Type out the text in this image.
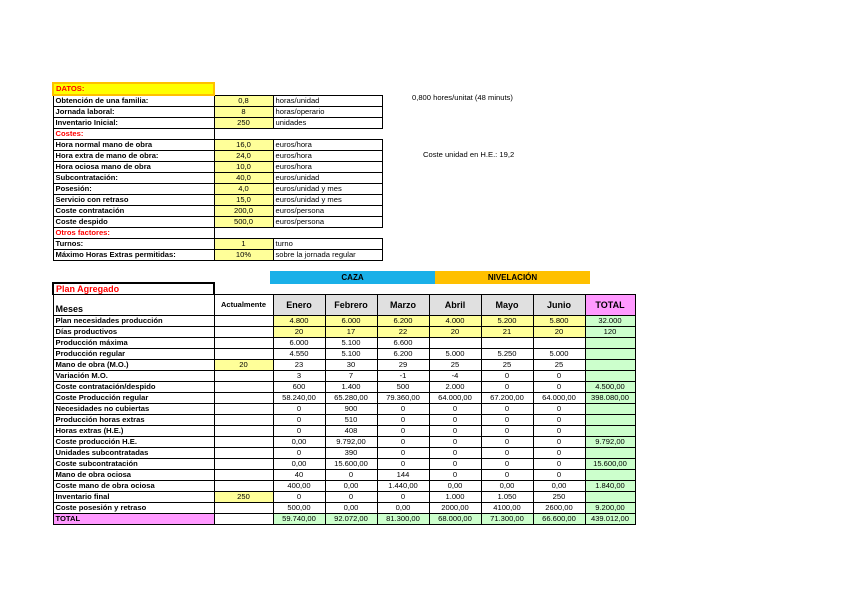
DATOS:		
Obtención de una familia:	0,8	horas/unidad
Jornada laboral:	8	horas/operario
Inventario Inicial:	250	unidades
Costes:		
Hora normal mano de obra	16,0	euros/hora
Hora extra de mano de obra:	24,0	euros/hora
Hora ociosa mano de obra	10,0	euros/hora
Subcontratación:	40,0	euros/unidad
Posesión:	4,0	euros/unidad y mes
Servicio con retraso	15,0	euros/unidad y mes
Coste contratación	200,0	euros/persona
Coste despido	500,0	euros/persona
Otros factores:		
Turnos:	1	turno
Máximo Horas Extras permitidas:	10%	sobre la jornada regular
0,800 hores/unitat (48 minuts)
Coste unidad en H.E.: 19,2
CAZA	NIVELACIÓN
Plan Agregado								
Meses	Actualmente	Enero	Febrero	Marzo	Abril	Mayo	Junio	TOTAL
Plan necesidades producción		4.800	6.000	6.200	4.000	5.200	5.800	32.000
Días productivos		20	17	22	20	21	20	120
Producción máxima		6.000	5.100	6.600				
Producción regular		4.550	5.100	6.200	5.000	5.250	5.000	
Mano de obra (M.O.)	20	23	30	29	25	25	25	
Variación M.O.		3	7	-1	-4	0	0	
Coste contratación/despido		600	1.400	500	2.000	0	0	4.500,00
Coste Producción regular		58.240,00	65.280,00	79.360,00	64.000,00	67.200,00	64.000,00	398.080,00
Necesidades no cubiertas		0	900	0	0	0	0	
Producción horas extras		0	510	0	0	0	0	
Horas extras (H.E.)		0	408	0	0	0	0	
Coste producción H.E.		0,00	9.792,00	0	0	0	0	9.792,00
Unidades subcontratadas		0	390	0	0	0	0	
Coste subcontratación		0,00	15.600,00	0	0	0	0	15.600,00
Mano de obra ociosa		40	0	144	0	0	0	
Coste mano de obra ociosa		400,00	0,00	1.440,00	0,00	0,00	0,00	1.840,00
Inventario final	250	0	0	0	1.000	1.050	250	
Coste posesión y retraso		500,00	0,00	0,00	2000,00	4100,00	2600,00	9.200,00
TOTAL		59.740,00	92.072,00	81.300,00	68.000,00	71.300,00	66.600,00	439.012,00
